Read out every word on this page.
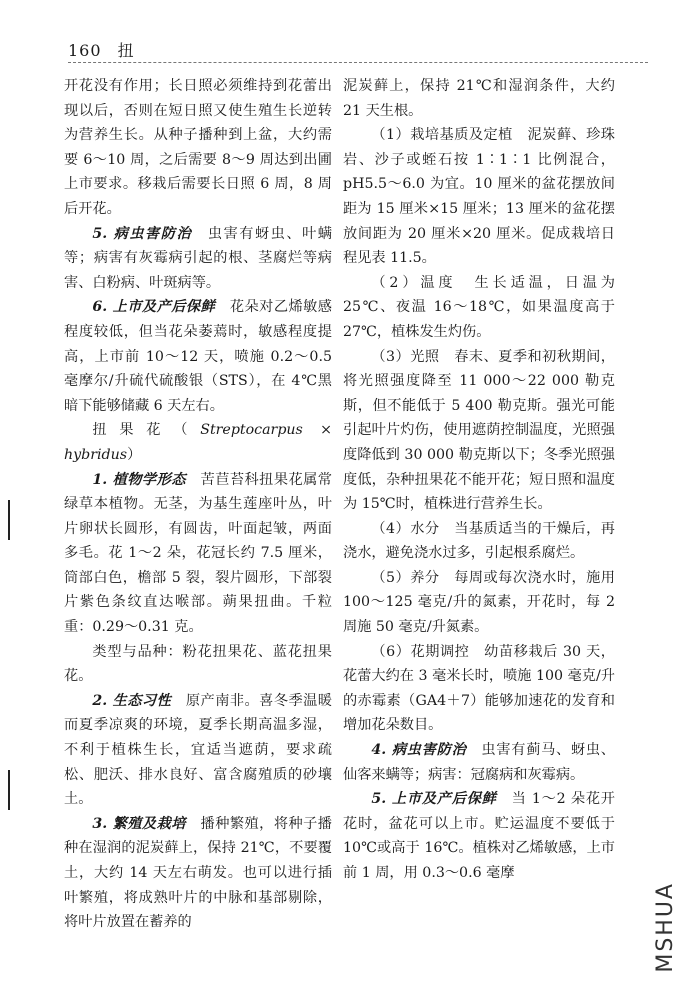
160 扭

开花没有作用；长日照必须维持到花蕾出现以后，否则在短日照又使生殖生长逆转为营养生长。从种子播种到上盆，大约需要 6～10 周，之后需要 8～9 周达到出圃上市要求。移栽后需要长日照 6 周，8 周后开花。

5. 病虫害防治　虫害有蚜虫、叶螨等；病害有灰霉病引起的根、茎腐烂等病害、白粉病、叶斑病等。

6. 上市及产后保鲜　花朵对乙烯敏感程度较低，但当花朵萎蔫时，敏感程度提高，上市前 10～12 天，喷施 0.2～0.5 毫摩尔/升硫代硫酸银（STS），在 4℃黑暗下能够储藏 6 天左右。

扭果花（Streptocarpus × hybridus）

1. 植物学形态　苦苣苔科扭果花属常绿草本植物。无茎，为基生莲座叶丛，叶片卵状长圆形，有圆齿，叶面起皱，两面多毛。花 1～2 朵，花冠长约 7.5 厘米，筒部白色，檐部 5 裂，裂片圆形，下部裂片紫色条纹直达喉部。蒴果扭曲。千粒重：0.29～0.31 克。

类型与品种：粉花扭果花、蓝花扭果花。

2. 生态习性　原产南非。喜冬季温暖而夏季凉爽的环境，夏季长期高温多湿，不利于植株生长，宜适当遮荫，要求疏松、肥沃、排水良好、富含腐殖质的砂壤土。

3. 繁殖及栽培　播种繁殖，将种子播种在湿润的泥炭藓上，保持 21℃，不要覆土，大约 14 天左右萌发。也可以进行插叶繁殖，将成熟叶片的中脉和基部剔除，将叶片放置在蓄养的

泥炭藓上，保持 21℃和湿润条件，大约 21 天生根。

（1）栽培基质及定植　泥炭藓、珍珠岩、沙子或蛭石按 1∶1∶1 比例混合，pH5.5～6.0 为宜。10 厘米的盆花摆放间距为 15 厘米×15 厘米；13 厘米的盆花摆放间距为 20 厘米×20 厘米。促成栽培日程见表 11.5。

（2）温度　生长适温，日温为 25℃、夜温 16～18℃，如果温度高于 27℃，植株发生灼伤。

（3）光照　春末、夏季和初秋期间，将光照强度降至 11 000～22 000 勒克斯，但不能低于 5 400 勒克斯。强光可能引起叶片灼伤，使用遮荫控制温度，光照强度降低到 30 000 勒克斯以下；冬季光照强度低，杂种扭果花不能开花；短日照和温度为 15℃时，植株进行营养生长。

（4）水分　当基质适当的干燥后，再浇水，避免浇水过多，引起根系腐烂。

（5）养分　每周或每次浇水时，施用 100～125 毫克/升的氮素，开花时，每 2 周施 50 毫克/升氮素。

（6）花期调控　幼苗移栽后 30 天，花蕾大约在 3 毫米长时，喷施 100 毫克/升的赤霉素（GA4＋7）能够加速花的发育和增加花朵数目。

4. 病虫害防治　虫害有蓟马、蚜虫、仙客来螨等；病害：冠腐病和灰霉病。

5. 上市及产后保鲜　当 1～2 朵花开花时，盆花可以上市。贮运温度不要低于 10℃或高于 16℃。植株对乙烯敏感，上市前 1 周，用 0.3～0.6 毫摩

MSHUA
